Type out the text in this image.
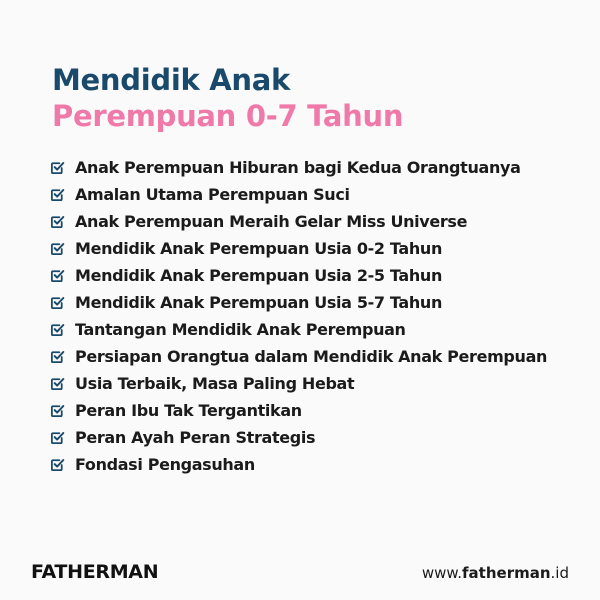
Mendidik Anak
Perempuan 0-7 Tahun
Anak Perempuan Hiburan bagi Kedua Orangtuanya
Amalan Utama Perempuan Suci
Anak Perempuan Meraih Gelar Miss Universe
Mendidik Anak Perempuan Usia 0-2 Tahun
Mendidik Anak Perempuan Usia 2-5 Tahun
Mendidik Anak Perempuan Usia 5-7 Tahun
Tantangan Mendidik Anak Perempuan
Persiapan Orangtua dalam Mendidik Anak Perempuan
Usia Terbaik, Masa Paling Hebat
Peran Ibu Tak Tergantikan
Peran Ayah Peran Strategis
Fondasi Pengasuhan
FATHERMAN	www.fatherman.id
